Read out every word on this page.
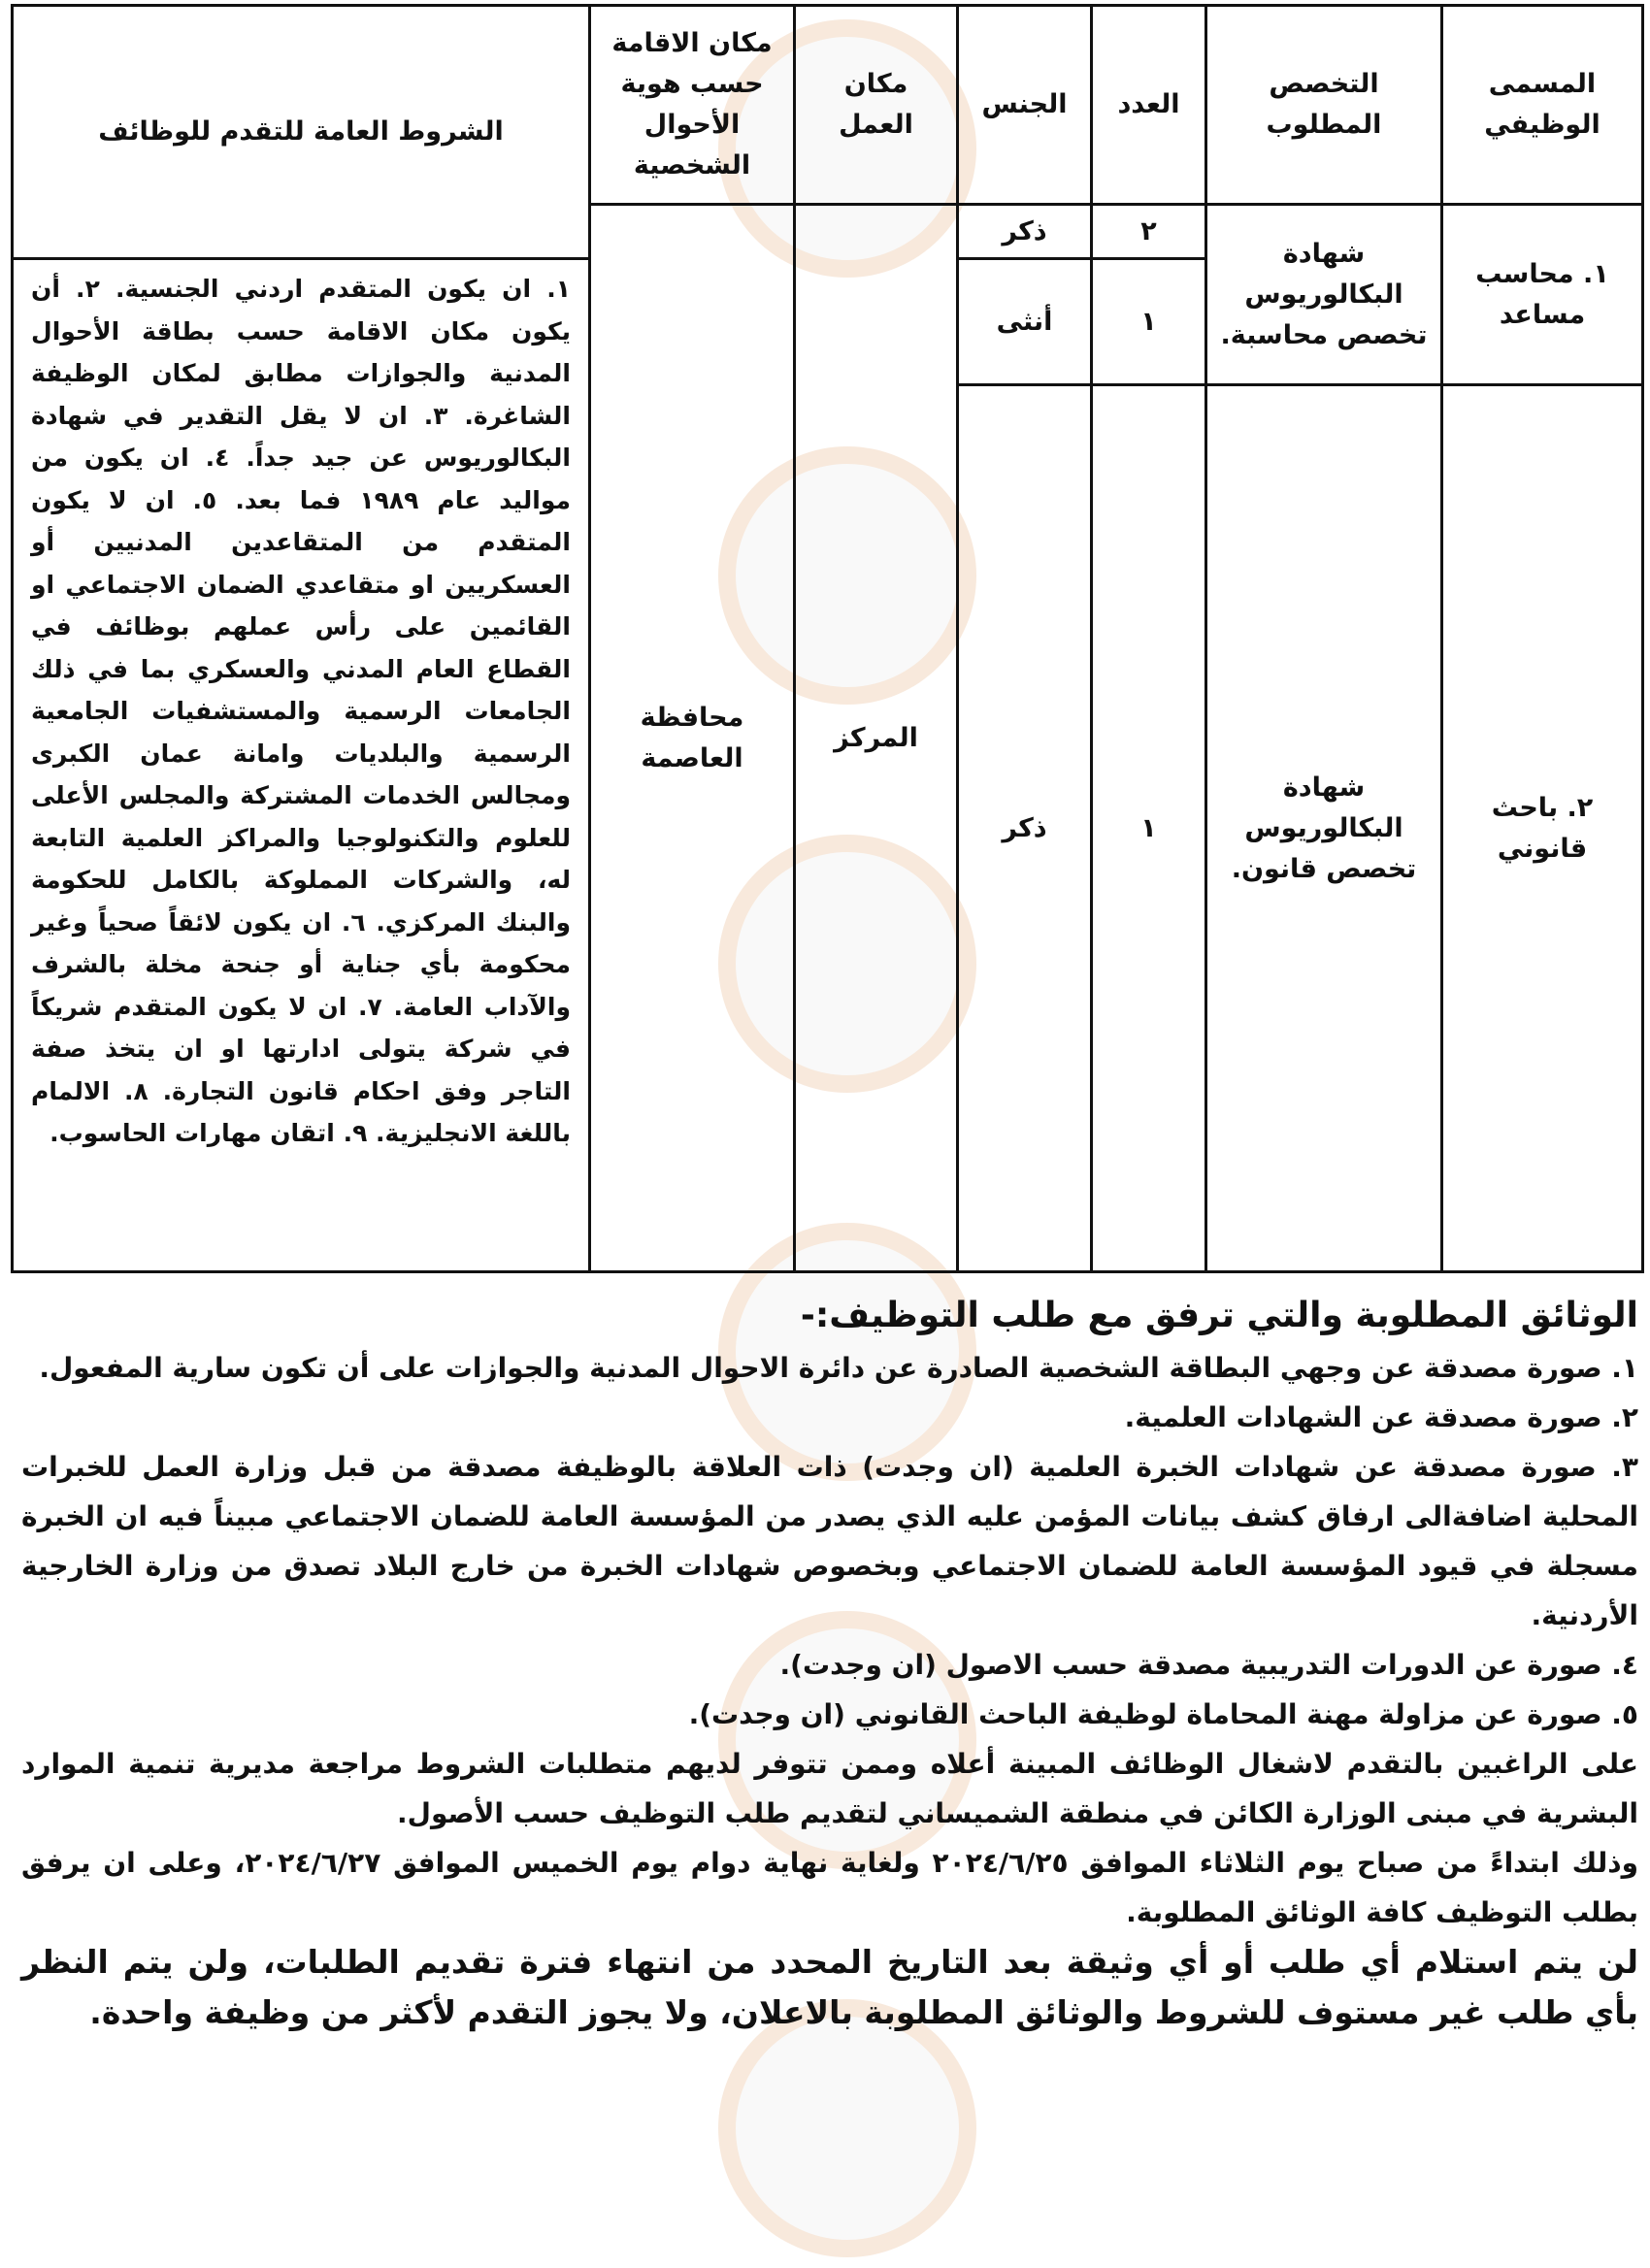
المسمى الوظيفي	التخصص المطلوب	العدد	الجنس	مكان العمل	مكان الاقامة حسب هوية الأحوال الشخصية	الشروط العامة للتقدم للوظائف
١. محاسب مساعد	شهادة البكالوريوس تخصص محاسبة.	٢	ذكر	المركز	محافظة العاصمة	
		١	أنثى			١. ان يكون المتقدم اردني الجنسية. ٢. أن يكون مكان الاقامة حسب بطاقة الأحوال المدنية والجوازات مطابق لمكان الوظيفة الشاغرة. ٣. ان لا يقل التقدير في شهادة البكالوريوس عن جيد جداً. ٤. ان يكون من مواليد عام ١٩٨٩ فما بعد. ٥. ان لا يكون المتقدم من المتقاعدين المدنيين أو العسكريين او متقاعدي الضمان الاجتماعي او القائمين على رأس عملهم بوظائف في القطاع العام المدني والعسكري بما في ذلك الجامعات الرسمية والمستشفيات الجامعية الرسمية والبلديات وامانة عمان الكبرى ومجالس الخدمات المشتركة والمجلس الأعلى للعلوم والتكنولوجيا والمراكز العلمية التابعة له، والشركات المملوكة بالكامل للحكومة والبنك المركزي. ٦. ان يكون لائقاً صحياً وغير محكومة بأي جناية أو جنحة مخلة بالشرف والآداب العامة. ٧. ان لا يكون المتقدم شريكاً في شركة يتولى ادارتها او ان يتخذ صفة التاجر وفق احكام قانون التجارة. ٨. الالمام باللغة الانجليزية. ٩. اتقان مهارات الحاسوب.
٢. باحث قانوني	شهادة البكالوريوس تخصص قانون.	١	ذكر			
الوثائق المطلوبة والتي ترفق مع طلب التوظيف:-

١. صورة مصدقة عن وجهي البطاقة الشخصية الصادرة عن دائرة الاحوال المدنية والجوازات على أن تكون سارية المفعول.

٢. صورة مصدقة عن الشهادات العلمية.

٣. صورة مصدقة عن شهادات الخبرة العلمية (ان وجدت) ذات العلاقة بالوظيفة مصدقة من قبل وزارة العمل للخبرات المحلية اضافةالى ارفاق كشف بيانات المؤمن عليه الذي يصدر من المؤسسة العامة للضمان الاجتماعي مبيناً فيه ان الخبرة مسجلة في قيود المؤسسة العامة للضمان الاجتماعي وبخصوص شهادات الخبرة من خارج البلاد تصدق من وزارة الخارجية الأردنية.

٤. صورة عن الدورات التدريبية مصدقة حسب الاصول (ان وجدت).

٥. صورة عن مزاولة مهنة المحاماة لوظيفة الباحث القانوني (ان وجدت).

على الراغبين بالتقدم لاشغال الوظائف المبينة أعلاه وممن تتوفر لديهم متطلبات الشروط مراجعة مديرية تنمية الموارد البشرية في مبنى الوزارة الكائن في منطقة الشميساني لتقديم طلب التوظيف حسب الأصول.

وذلك ابتداءً من صباح يوم الثلاثاء الموافق ٢٠٢٤/٦/٢٥ ولغاية نهاية دوام يوم الخميس الموافق ٢٠٢٤/٦/٢٧، وعلى ان يرفق بطلب التوظيف كافة الوثائق المطلوبة.

لن يتم استلام أي طلب أو أي وثيقة بعد التاريخ المحدد من انتهاء فترة تقديم الطلبات، ولن يتم النظر بأي طلب غير مستوف للشروط والوثائق المطلوبة بالاعلان، ولا يجوز التقدم لأكثر من وظيفة واحدة.
